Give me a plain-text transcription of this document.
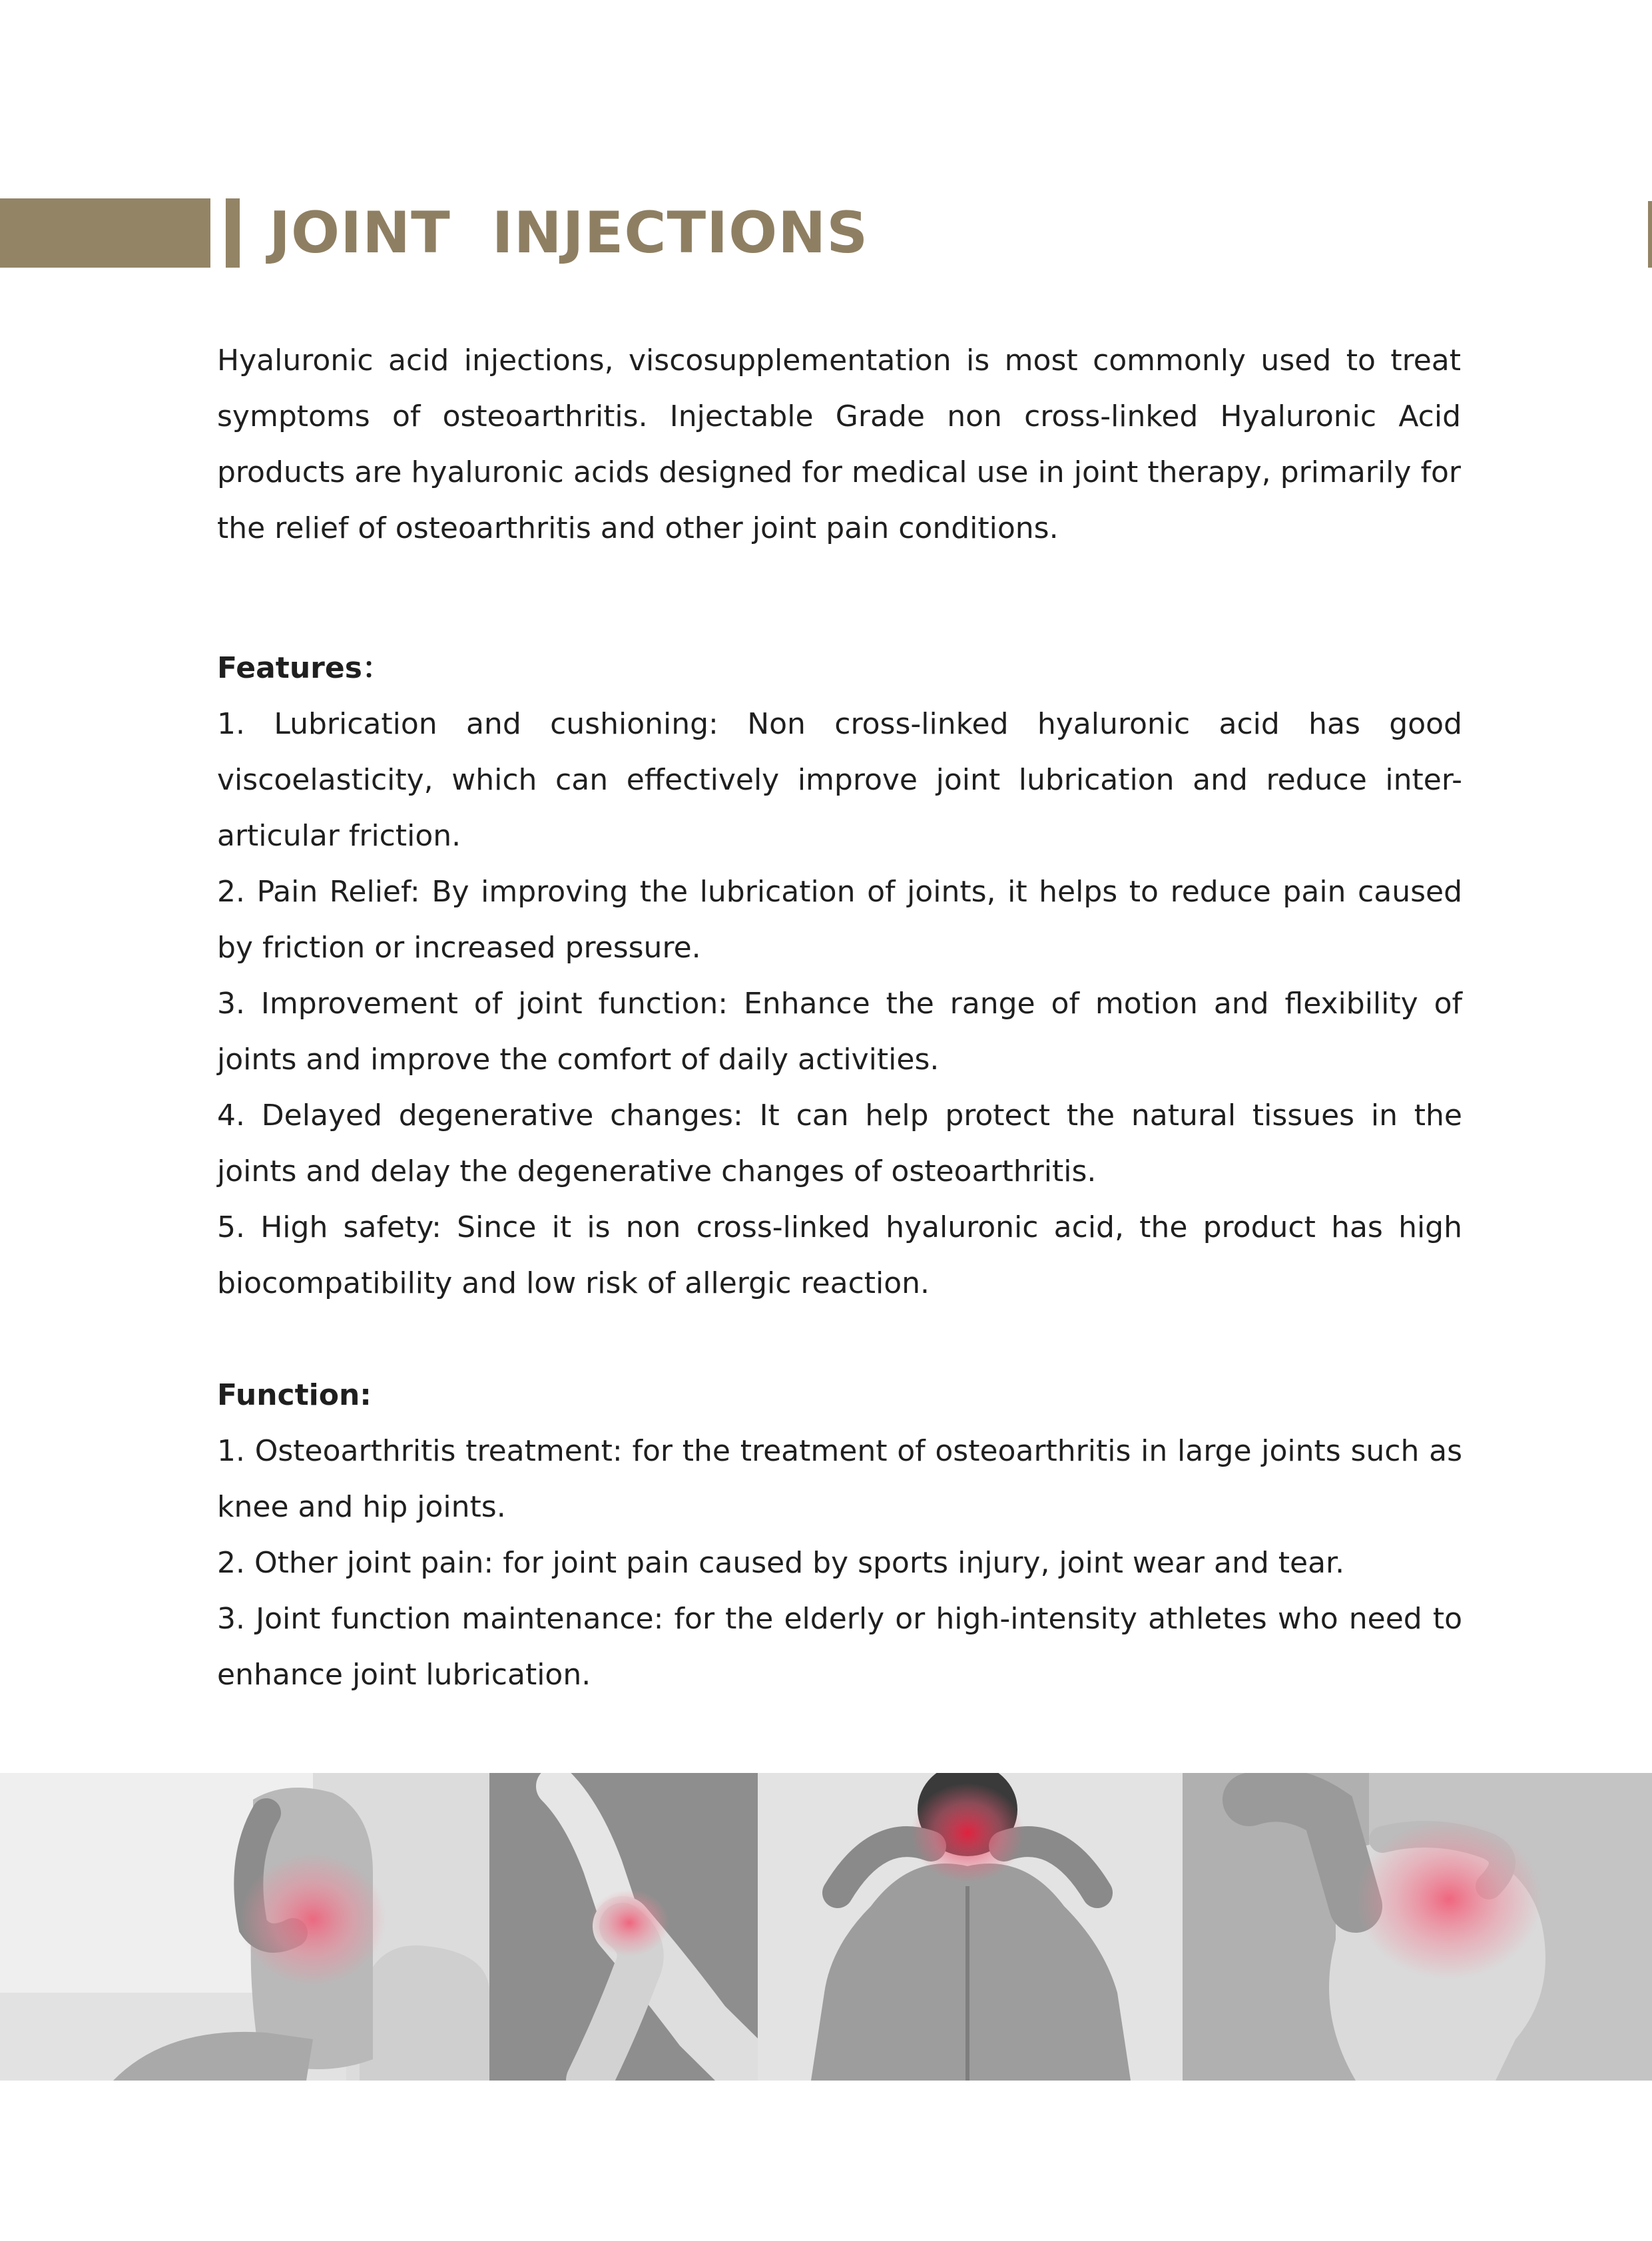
JOINT  INJECTIONS

Hyaluronic acid injections, viscosupplementation is most commonly used to treat symptoms of osteoarthritis. Injectable Grade non cross-linked Hyaluronic Acid products are hyaluronic acids designed for medical use in joint therapy, primarily for the relief of osteoarthritis and other joint pain conditions.

Features：
1. Lubrication and cushioning: Non cross-linked hyaluronic acid has good viscoelasticity, which can effectively improve joint lubrication and reduce inter-articular friction.
2. Pain Relief: By improving the lubrication of joints, it helps to reduce pain caused by friction or increased pressure.
3. Improvement of joint function: Enhance the range of motion and flexibility of joints and improve the comfort of daily activities.
4. Delayed degenerative changes: It can help protect the natural tissues in the joints and delay the degenerative changes of osteoarthritis.
5. High safety: Since it is non cross-linked hyaluronic acid, the product has high biocompatibility and low risk of allergic reaction.
Function:
1. Osteoarthritis treatment: for the treatment of osteoarthritis in large joints such as knee and hip joints.
2. Other joint pain: for joint pain caused by sports injury, joint wear and tear.
3. Joint function maintenance: for the elderly or high-intensity athletes who need to enhance joint lubrication.
